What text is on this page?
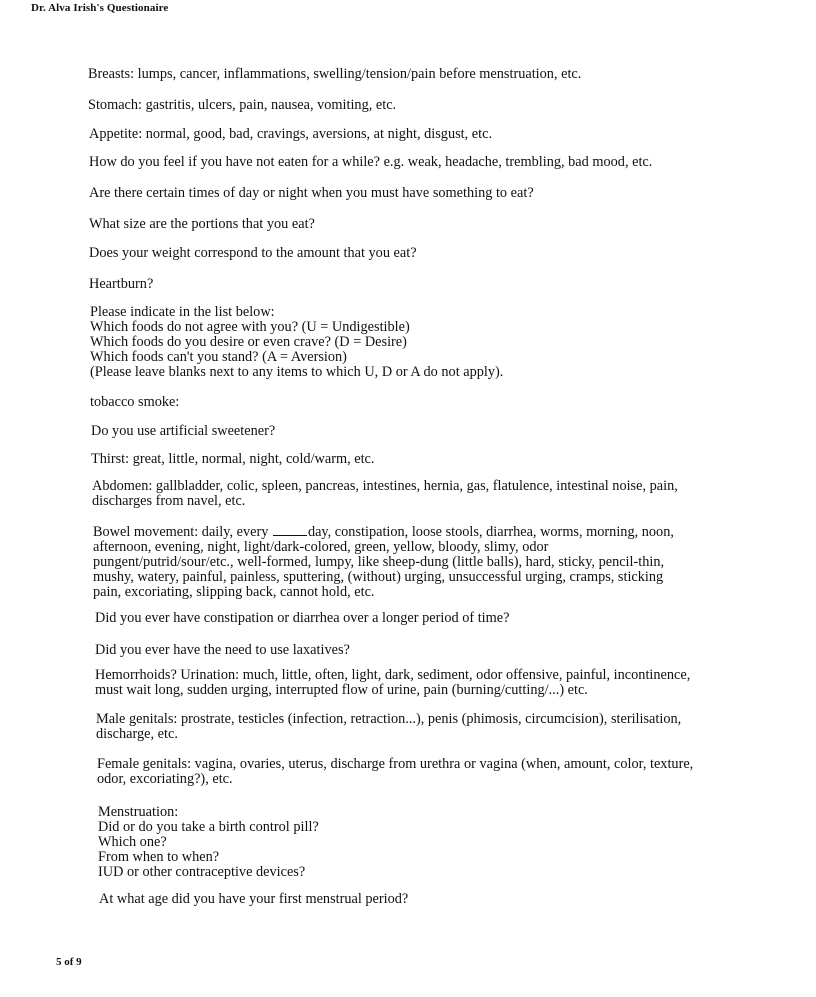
Dr. Alva Irish's Questionaire

Breasts: lumps, cancer, inflammations, swelling/tension/pain before menstruation, etc.

Stomach: gastritis, ulcers, pain, nausea, vomiting, etc.

Appetite: normal, good, bad, cravings, aversions, at night, disgust, etc.

How do you feel if you have not eaten for a while? e.g. weak, headache, trembling, bad mood, etc.

Are there certain times of day or night when you must have something to eat?

What size are the portions that you eat?

Does your weight correspond to the amount that you eat?

Heartburn?

Please indicate in the list below:
Which foods do not agree with you? (U = Undigestible)
Which foods do you desire or even crave? (D = Desire)
Which foods can't you stand? (A = Aversion)
(Please leave blanks next to any items to which U, D or A do not apply).

tobacco smoke:

Do you use artificial sweetener?

Thirst: great, little, normal, night, cold/warm, etc.

Abdomen: gallbladder, colic, spleen, pancreas, intestines, hernia, gas, flatulence, intestinal noise, pain,
discharges from navel, etc.

Bowel movement: daily, every	day, constipation, loose stools, diarrhea, worms, morning, noon,
afternoon, evening, night, light/dark-colored, green, yellow, bloody, slimy, odor
pungent/putrid/sour/etc., well-formed, lumpy, like sheep-dung (little balls), hard, sticky, pencil-thin,
mushy, watery, painful, painless, sputtering, (without) urging, unsuccessful urging, cramps, sticking
pain, excoriating, slipping back, cannot hold, etc.

Did you ever have constipation or diarrhea over a longer period of time?

Did you ever have the need to use laxatives?

Hemorrhoids? Urination: much, little, often, light, dark, sediment, odor offensive, painful, incontinence,
must wait long, sudden urging, interrupted flow of urine, pain (burning/cutting/...) etc.

Male genitals: prostrate, testicles (infection, retraction...), penis (phimosis, circumcision), sterilisation,
discharge, etc.

Female genitals: vagina, ovaries, uterus, discharge from urethra or vagina (when, amount, color, texture,
odor, excoriating?), etc.

Menstruation:
Did or do you take a birth control pill?
Which one?
From when to when?
IUD or other contraceptive devices?

At what age did you have your first menstrual period?

5 of 9
